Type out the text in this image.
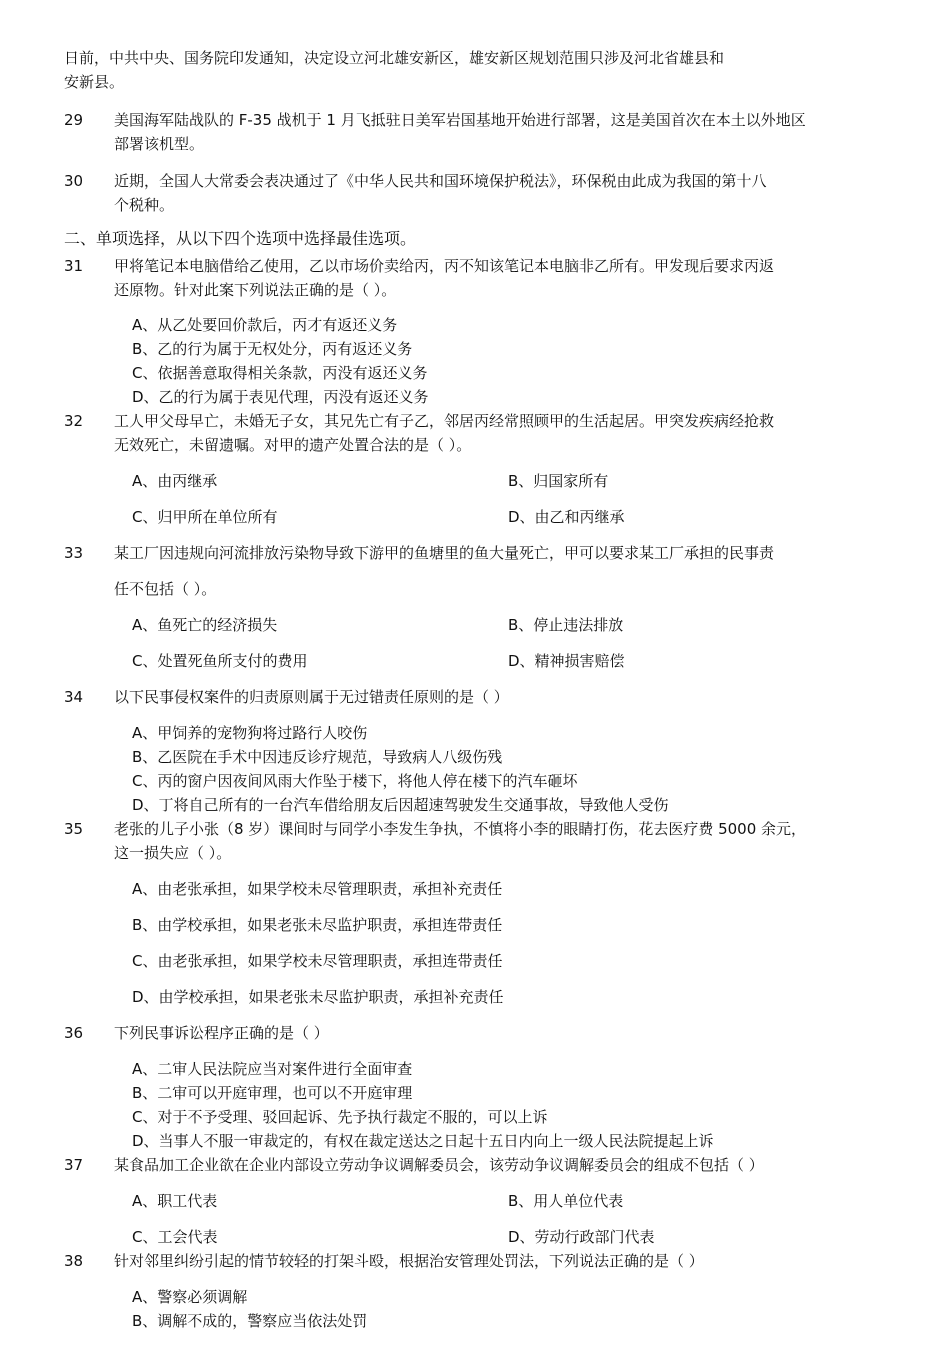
日前，中共中央、国务院印发通知，决定设立河北雄安新区，雄安新区规划范围只涉及河北省雄县和
安新县。
29 美国海军陆战队的 F-35 战机于 1 月飞抵驻日美军岩国基地开始进行部署，这是美国首次在本土以外地区
部署该机型。
30 近期，全国人大常委会表决通过了《中华人民共和国环境保护税法》，环保税由此成为我国的第十八
个税种。
二、单项选择，从以下四个选项中选择最佳选项。
31 甲将笔记本电脑借给乙使用，乙以市场价卖给丙，丙不知该笔记本电脑非乙所有。甲发现后要求丙返
还原物。针对此案下列说法正确的是（ ）。
A、从乙处要回价款后，丙才有返还义务
B、乙的行为属于无权处分，丙有返还义务
C、依据善意取得相关条款，丙没有返还义务
D、乙的行为属于表见代理，丙没有返还义务
32 工人甲父母早亡，未婚无子女，其兄先亡有子乙，邻居丙经常照顾甲的生活起居。甲突发疾病经抢救
无效死亡，未留遗嘱。对甲的遗产处置合法的是（ ）。
A、由丙继承	B、归国家所有
C、归甲所在单位所有	D、由乙和丙继承
33 某工厂因违规向河流排放污染物导致下游甲的鱼塘里的鱼大量死亡，甲可以要求某工厂承担的民事责
任不包括（ ）。
A、鱼死亡的经济损失	B、停止违法排放
C、处置死鱼所支付的费用	D、精神损害赔偿
34 以下民事侵权案件的归责原则属于无过错责任原则的是（ ）
A、甲饲养的宠物狗将过路行人咬伤
B、乙医院在手术中因违反诊疗规范，导致病人八级伤残
C、丙的窗户因夜间风雨大作坠于楼下，将他人停在楼下的汽车砸坏
D、丁将自己所有的一台汽车借给朋友后因超速驾驶发生交通事故，导致他人受伤
35 老张的儿子小张（8 岁）课间时与同学小李发生争执，不慎将小李的眼睛打伤，花去医疗费 5000 余元，
这一损失应（ ）。
A、由老张承担，如果学校未尽管理职责，承担补充责任
B、由学校承担，如果老张未尽监护职责，承担连带责任
C、由老张承担，如果学校未尽管理职责，承担连带责任
D、由学校承担，如果老张未尽监护职责，承担补充责任
36 下列民事诉讼程序正确的是（ ）
A、二审人民法院应当对案件进行全面审查
B、二审可以开庭审理，也可以不开庭审理
C、对于不予受理、驳回起诉、先予执行裁定不服的，可以上诉
D、当事人不服一审裁定的，有权在裁定送达之日起十五日内向上一级人民法院提起上诉
37 某食品加工企业欲在企业内部设立劳动争议调解委员会，该劳动争议调解委员会的组成不包括（ ）
A、职工代表	B、用人单位代表
C、工会代表	D、劳动行政部门代表
38 针对邻里纠纷引起的情节较轻的打架斗殴，根据治安管理处罚法，下列说法正确的是（ ）
A、警察必须调解
B、调解不成的，警察应当依法处罚
